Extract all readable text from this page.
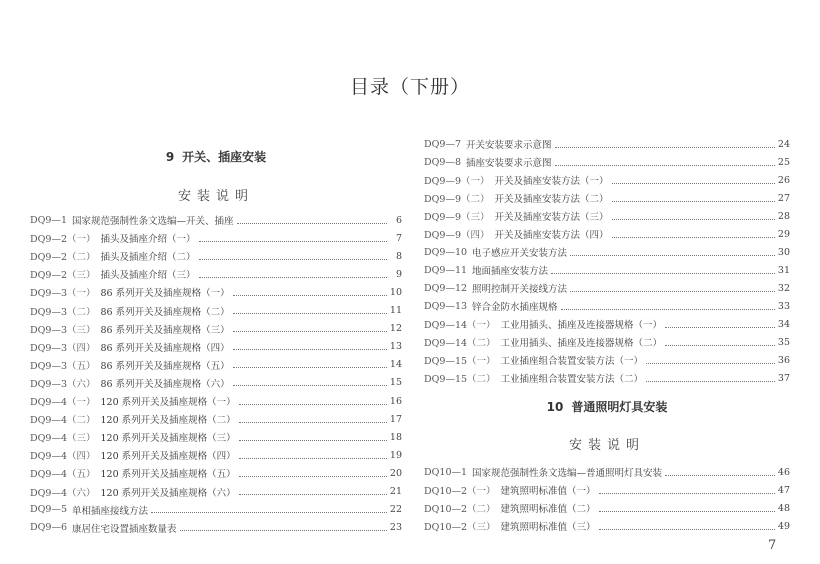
目录（下册）
9 开关、插座安装
安装说明
DQ9—1 国家规范强制性条文选编—开关、插座	6
DQ9—2（一） 插头及插座介绍（一）	7
DQ9—2（二） 插头及插座介绍（二）	8
DQ9—2（三） 插头及插座介绍（三）	9
DQ9—3（一） 86 系列开关及插座规格（一）	10
DQ9—3（二） 86 系列开关及插座规格（二）	11
DQ9—3（三） 86 系列开关及插座规格（三）	12
DQ9—3（四） 86 系列开关及插座规格（四）	13
DQ9—3（五） 86 系列开关及插座规格（五）	14
DQ9—3（六） 86 系列开关及插座规格（六）	15
DQ9—4（一） 120 系列开关及插座规格（一）	16
DQ9—4（二） 120 系列开关及插座规格（二）	17
DQ9—4（三） 120 系列开关及插座规格（三）	18
DQ9—4（四） 120 系列开关及插座规格（四）	19
DQ9—4（五） 120 系列开关及插座规格（五）	20
DQ9—4（六） 120 系列开关及插座规格（六）	21
DQ9—5 单相插座接线方法	22
DQ9—6 康居住宅设置插座数量表	23
DQ9—7 开关安装要求示意图	24
DQ9—8 插座安装要求示意图	25
DQ9—9（一） 开关及插座安装方法（一）	26
DQ9—9（二） 开关及插座安装方法（二）	27
DQ9—9（三） 开关及插座安装方法（三）	28
DQ9—9（四） 开关及插座安装方法（四）	29
DQ9—10 电子感应开关安装方法	30
DQ9—11 地面插座安装方法	31
DQ9—12 照明控制开关接线方法	32
DQ9—13 锌合金防水插座规格	33
DQ9—14（一） 工业用插头、插座及连接器规格（一）	34
DQ9—14（二） 工业用插头、插座及连接器规格（二）	35
DQ9—15（一） 工业插座组合装置安装方法（一）	36
DQ9—15（二） 工业插座组合装置安装方法（二）	37
10 普通照明灯具安装
安装说明
DQ10—1 国家规范强制性条文选编—普通照明灯具安装	46
DQ10—2（一） 建筑照明标准值（一）	47
DQ10—2（二） 建筑照明标准值（二）	48
DQ10—2（三） 建筑照明标准值（三）	49
7
